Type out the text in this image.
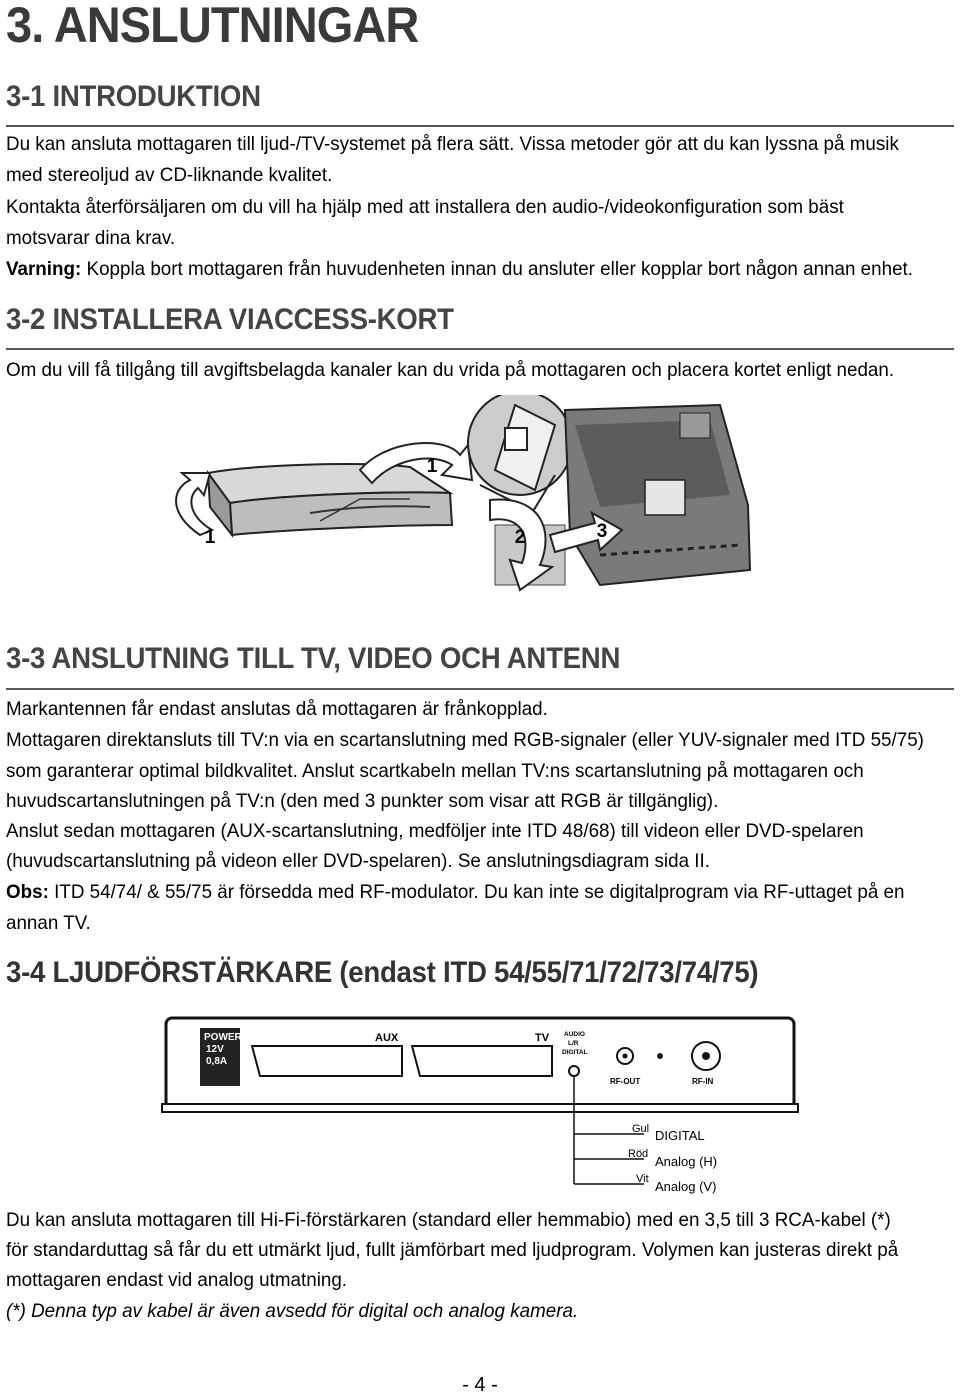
3. ANSLUTNINGAR
3-1 INTRODUKTION
Du kan ansluta mottagaren till ljud-/TV-systemet på flera sätt. Vissa metoder gör att du kan lyssna på musik
med stereoljud av CD-liknande kvalitet.
Kontakta återförsäljaren om du vill ha hjälp med att installera den audio-/videokonfiguration som bäst
motsvarar dina krav.
Varning: Koppla bort mottagaren från huvudenheten innan du ansluter eller kopplar bort någon annan enhet.
3-2 INSTALLERA VIACCESS-KORT
Om du vill få tillgång till avgiftsbelagda kanaler kan du vrida på mottagaren och placera kortet enligt nedan.
1
1	2	3
3-3 ANSLUTNING TILL TV, VIDEO OCH ANTENN
Markantennen får endast anslutas då mottagaren är frånkopplad.
Mottagaren direktansluts till TV:n via en scartanslutning med RGB-signaler (eller YUV-signaler med ITD 55/75)
som garanterar optimal bildkvalitet. Anslut scartkabeln mellan TV:ns scartanslutning på mottagaren och
huvudscartanslutningen på TV:n (den med 3 punkter som visar att RGB är tillgänglig).
Anslut sedan mottagaren (AUX-scartanslutning, medföljer inte ITD 48/68) till videon eller DVD-spelaren
(huvudscartanslutning på videon eller DVD-spelaren). Se anslutningsdiagram sida II.
Obs: ITD 54/74/ & 55/75 är försedda med RF-modulator. Du kan inte se digitalprogram via RF-uttaget på en
annan TV.
3-4 LJUDFÖRSTÄRKARE (endast ITD 54/55/71/72/73/74/75)
POWER
12V
0,8A
AUX	TV AUDIO
L/R
DIGITAL
RF-OUT	RF-IN
Gul DIGITAL
Röd Analog (H)
Vit Analog (V)
Du kan ansluta mottagaren till Hi-Fi-förstärkaren (standard eller hemmabio) med en 3,5 till 3 RCA-kabel (*)
för standarduttag så får du ett utmärkt ljud, fullt jämförbart med ljudprogram. Volymen kan justeras direkt på
mottagaren endast vid analog utmatning.
(*) Denna typ av kabel är även avsedd för digital och analog kamera.
- 4 -
